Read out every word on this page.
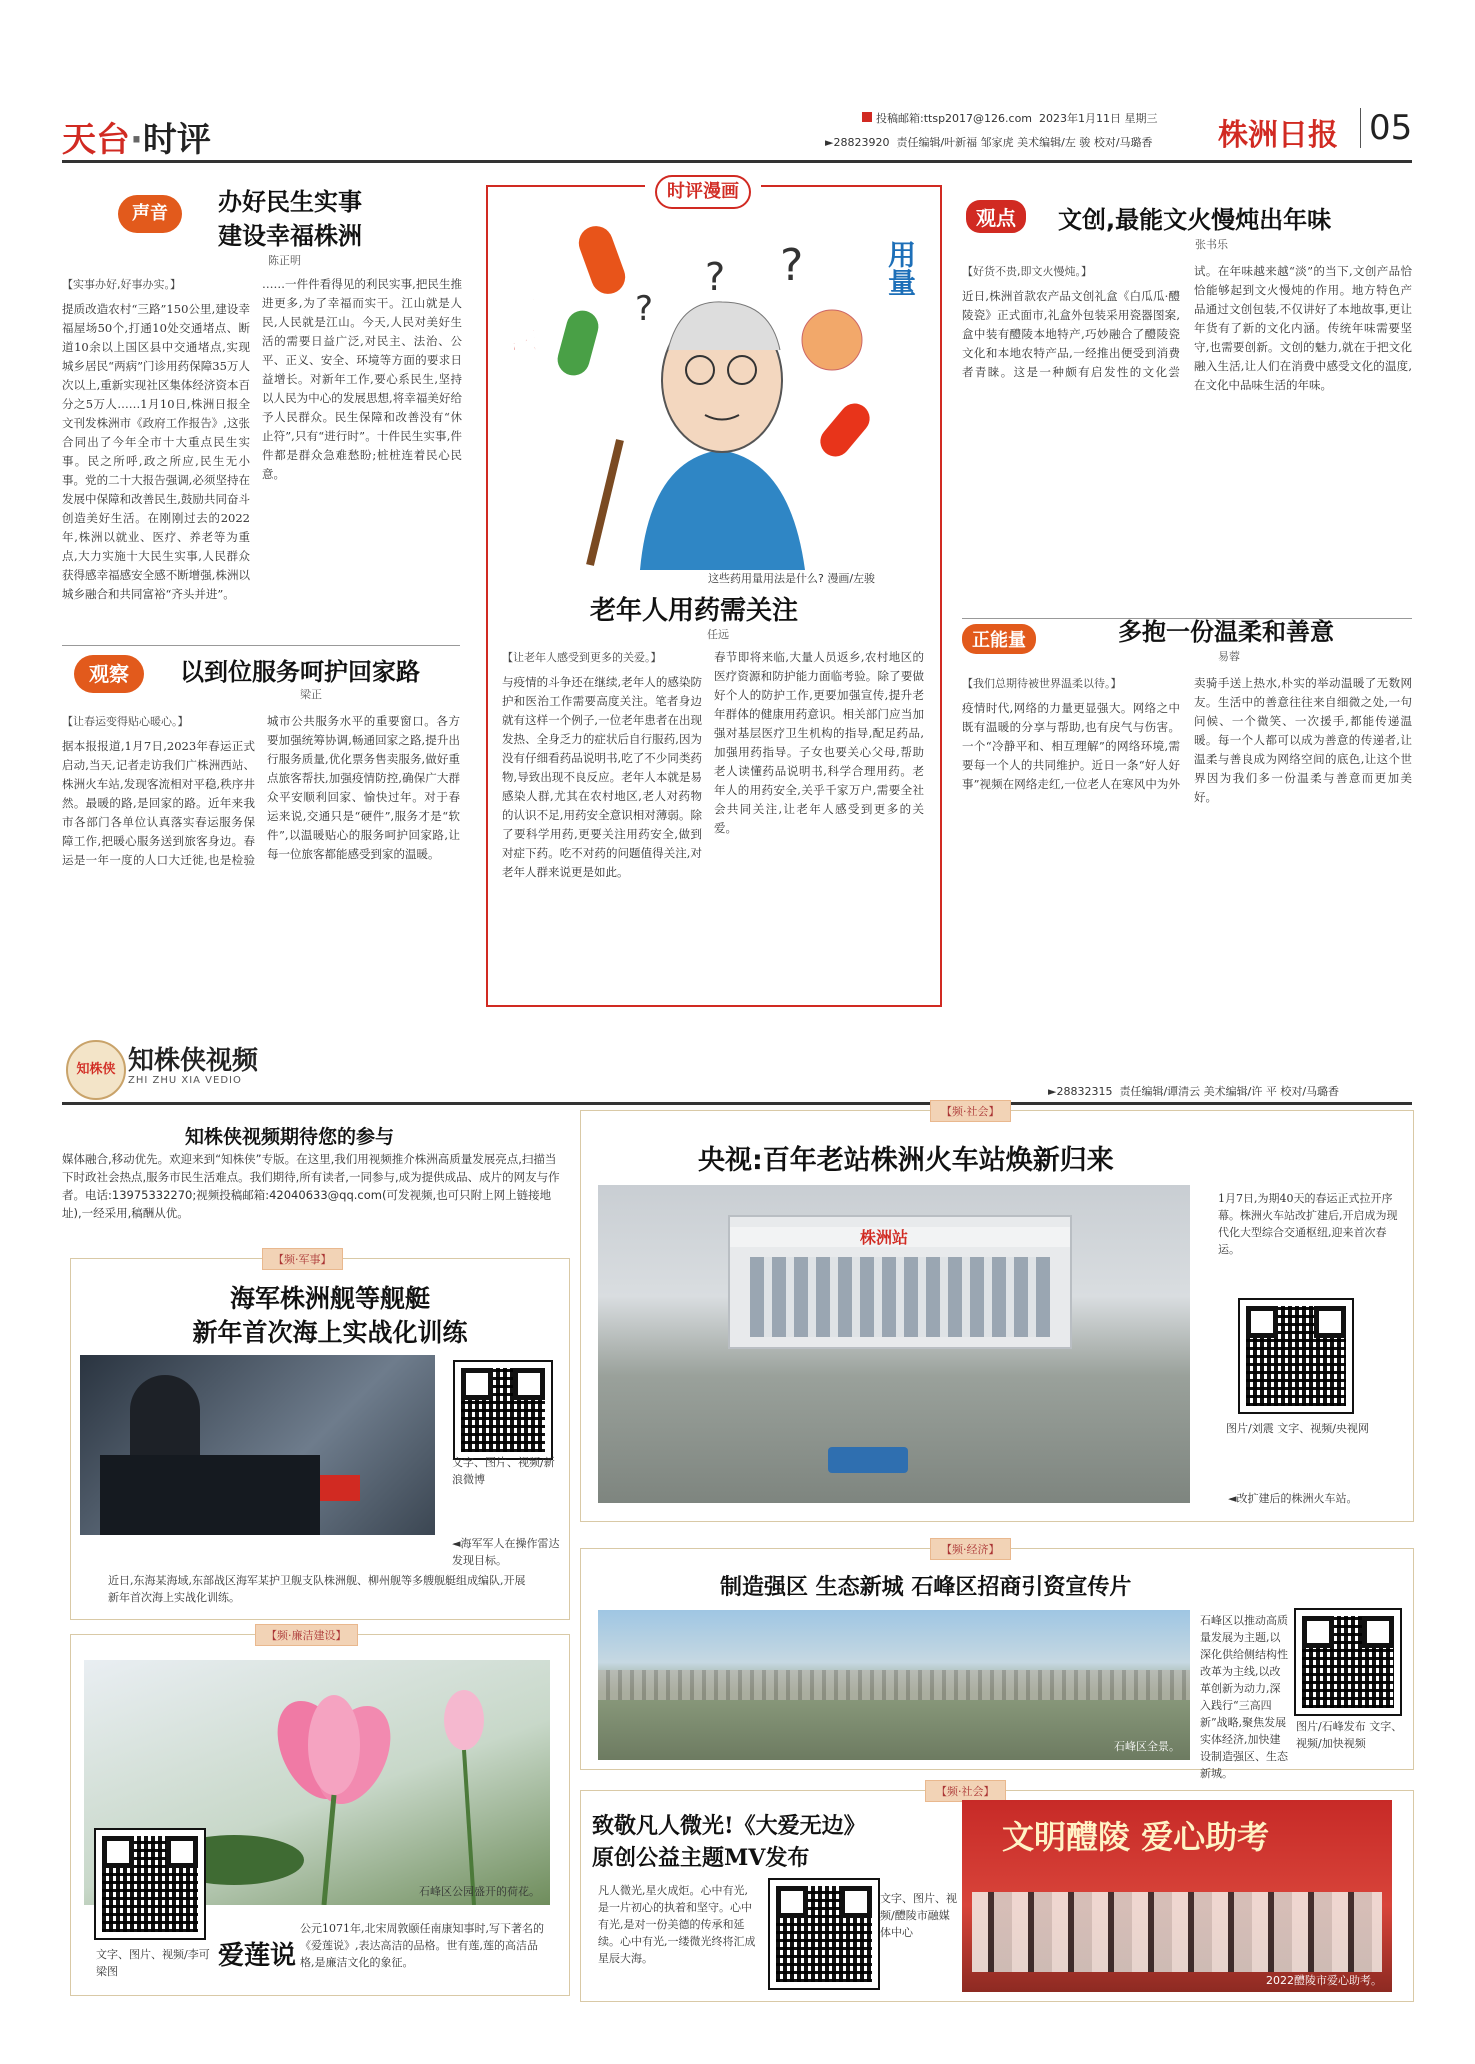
天台·时评
投稿邮箱:ttsp2017@126.com 2023年1月11日 星期三
►28823920 责任编辑/叶新福 邹家虎 美术编辑/左 骏 校对/马璐香 株洲日报 05
声音	办好民生实事
建设幸福株洲
陈正明
【实事办好,好事办实。】
提质改造农村“三路”150公里,建设幸福屋场50个,打通10处交通堵点、断道10余以上国区县中交通堵点,实现城乡居民“两病”门诊用药保障35万人次以上,重新实现社区集体经济资本百分之5万人……1月10日,株洲日报全文刊发株洲市《政府工作报告》,这张合同出了今年全市十大重点民生实事。民之所呼,政之所应,民生无小事。党的二十大报告强调,必须坚持在发展中保障和改善民生,鼓励共同奋斗创造美好生活。在刚刚过去的2022年,株洲以就业、医疗、养老等为重点,大力实施十大民生实事,人民群众获得感幸福感安全感不断增强,株洲以城乡融合和共同富裕“齐头并进”。
……一件件看得见的利民实事,把民生推进更多,为了幸福而实干。江山就是人民,人民就是江山。今天,人民对美好生活的需要日益广泛,对民主、法治、公平、正义、安全、环境等方面的要求日益增长。对新年工作,要心系民生,坚持以人民为中心的发展思想,将幸福美好给予人民群众。民生保障和改善没有“休止符”,只有“进行时”。十件民生实事,件件都是群众急难愁盼;桩桩连着民心民意。
观察	以到位服务呵护回家路
梁正
【让春运变得贴心暖心。】
据本报报道,1月7日,2023年春运正式启动,当天,记者走访我们广株洲西站、株洲火车站,发现客流相对平稳,秩序井然。最暖的路,是回家的路。近年来我市各部门各单位认真落实春运服务保障工作,把暖心服务送到旅客身边。春运是一年一度的人口大迁徙,也是检验城市公共服务水平的重要窗口。各方要加强统筹协调,畅通回家之路,提升出行服务质量,优化票务售卖服务,做好重点旅客帮扶,加强疫情防控,确保广大群众平安顺利回家、愉快过年。对于春运来说,交通只是“硬件”,服务才是“软件”,以温暖贴心的服务呵护回家路,让每一位旅客都能感受到家的温暖。
时评漫画
?
?
?
用法
用量
这些药用量用法是什么? 漫画/左骏
老年人用药需关注
任远
【让老年人感受到更多的关爱。】
与疫情的斗争还在继续,老年人的感染防护和医治工作需要高度关注。笔者身边就有这样一个例子,一位老年患者在出现发热、全身乏力的症状后自行服药,因为没有仔细看药品说明书,吃了不少同类药物,导致出现不良反应。老年人本就是易感染人群,尤其在农村地区,老人对药物的认识不足,用药安全意识相对薄弱。除了要科学用药,更要关注用药安全,做到对症下药。吃不对药的问题值得关注,对老年人群来说更是如此。
春节即将来临,大量人员返乡,农村地区的医疗资源和防护能力面临考验。除了要做好个人的防护工作,更要加强宣传,提升老年群体的健康用药意识。相关部门应当加强对基层医疗卫生机构的指导,配足药品,加强用药指导。子女也要关心父母,帮助老人读懂药品说明书,科学合理用药。老年人的用药安全,关乎千家万户,需要全社会共同关注,让老年人感受到更多的关爱。
观点	文创,最能文火慢炖出年味
张书乐
【好货不贵,即文火慢炖。】
近日,株洲首款农产品文创礼盒《白瓜瓜·醴陵瓷》正式面市,礼盒外包装采用瓷器图案,盒中装有醴陵本地特产,巧妙融合了醴陵瓷文化和本地农特产品,一经推出便受到消费者青睐。这是一种颇有启发性的文化尝试。在年味越来越“淡”的当下,文创产品恰恰能够起到文火慢炖的作用。地方特色产品通过文创包装,不仅讲好了本地故事,更让年货有了新的文化内涵。传统年味需要坚守,也需要创新。文创的魅力,就在于把文化融入生活,让人们在消费中感受文化的温度,在文化中品味生活的年味。
正能量	多抱一份温柔和善意
易蓉
【我们总期待被世界温柔以待。】
疫情时代,网络的力量更显强大。网络之中既有温暖的分享与帮助,也有戾气与伤害。一个“冷静平和、相互理解”的网络环境,需要每一个人的共同维护。近日一条“好人好事”视频在网络走红,一位老人在寒风中为外卖骑手送上热水,朴实的举动温暖了无数网友。生活中的善意往往来自细微之处,一句问候、一个微笑、一次援手,都能传递温暖。每一个人都可以成为善意的传递者,让温柔与善良成为网络空间的底色,让这个世界因为我们多一份温柔与善意而更加美好。
知株侠 知株侠视频
ZHI ZHU XIA VEDIO
►28832315 责任编辑/谭清云 美术编辑/许 平 校对/马璐香
知株侠视频期待您的参与
媒体融合,移动优先。欢迎来到“知株侠”专版。在这里,我们用视频推介株洲高质量发展亮点,扫描当下时政社会热点,服务市民生活难点。我们期待,所有读者,一同参与,成为提供成品、成片的网友与作者。电话:13975332270;视频投稿邮箱:42040633@qq.com(可发视频,也可只附上网上链接地址),一经采用,稿酬从优。
【频·军事】
海军株洲舰等舰艇
新年首次海上实战化训练
文字、图片、视频/新浪微博
◄海军军人在操作雷达发现目标。
近日,东海某海域,东部战区海军某护卫舰支队株洲舰、柳州舰等多艘舰艇组成编队,开展新年首次海上实战化训练。
【频·廉洁建设】
石峰区公园盛开的荷花。
文字、图片、视频/李可梁图
爱莲说
公元1071年,北宋周敦颐任南康知事时,写下著名的《爱莲说》,表达高洁的品格。世有莲,莲的高洁品格,是廉洁文化的象征。
【频·社会】
央视:百年老站株洲火车站焕新归来
株洲站
1月7日,为期40天的春运正式拉开序幕。株洲火车站改扩建后,开启成为现代化大型综合交通枢纽,迎来首次春运。
图片/刘震 文字、视频/央视网
◄改扩建后的株洲火车站。
【频·经济】
制造强区 生态新城 石峰区招商引资宣传片
石峰区全景。
石峰区以推动高质量发展为主题,以深化供给侧结构性改革为主线,以改革创新为动力,深入践行“三高四新”战略,聚焦发展实体经济,加快建设制造强区、生态新城。
图片/石峰发布 文字、视频/加快视频
【频·社会】
致敬凡人微光!《大爱无边》
原创公益主题MV发布
凡人微光,星火成炬。心中有光,是一片初心的执着和坚守。心中有光,是对一份美德的传承和延续。心中有光,一缕微光终将汇成星辰大海。
文字、图片、视频/醴陵市融媒体中心
文明醴陵 爱心助考
2022醴陵市爱心助考。
